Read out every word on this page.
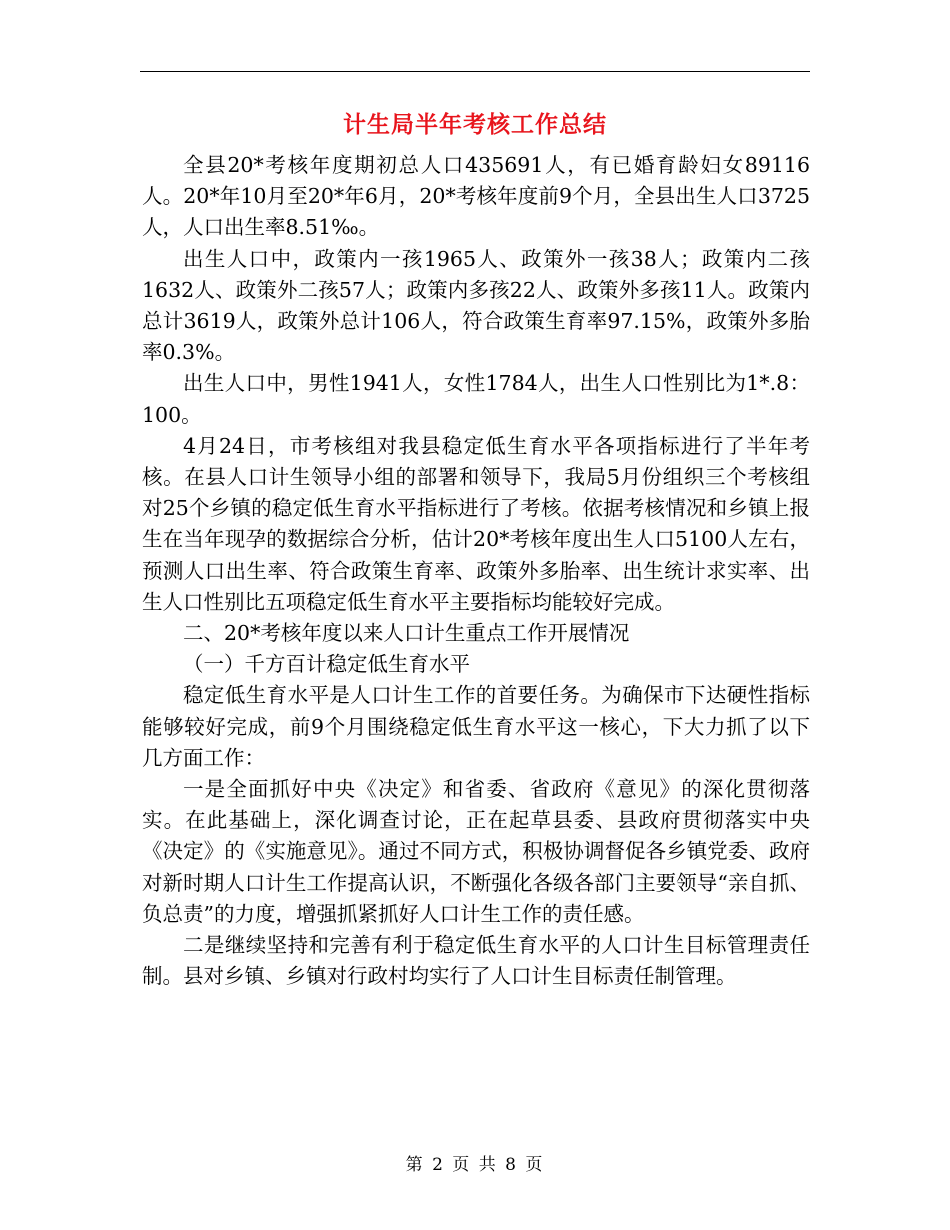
计生局半年考核工作总结

全县20*考核年度期初总人口435691人，有已婚育龄妇女89116人。20*年10月至20*年6月，20*考核年度前9个月，全县出生人口3725人，人口出生率8.51‰。

出生人口中，政策内一孩1965人、政策外一孩38人；政策内二孩1632人、政策外二孩57人；政策内多孩22人、政策外多孩11人。政策内总计3619人，政策外总计106人，符合政策生育率97.15%，政策外多胎率0.3%。

出生人口中，男性1941人，女性1784人，出生人口性别比为1*.8：100。

4月24日，市考核组对我县稳定低生育水平各项指标进行了半年考核。在县人口计生领导小组的部署和领导下，我局5月份组织三个考核组对25个乡镇的稳定低生育水平指标进行了考核。依据考核情况和乡镇上报生在当年现孕的数据综合分析，估计20*考核年度出生人口5100人左右，预测人口出生率、符合政策生育率、政策外多胎率、出生统计求实率、出生人口性别比五项稳定低生育水平主要指标均能较好完成。

二、20*考核年度以来人口计生重点工作开展情况

（一）千方百计稳定低生育水平

稳定低生育水平是人口计生工作的首要任务。为确保市下达硬性指标能够较好完成，前9个月围绕稳定低生育水平这一核心，下大力抓了以下几方面工作：

一是全面抓好中央《决定》和省委、省政府《意见》的深化贯彻落实。在此基础上，深化调查讨论，正在起草县委、县政府贯彻落实中央《决定》的《实施意见》。通过不同方式，积极协调督促各乡镇党委、政府对新时期人口计生工作提高认识，不断强化各级各部门主要领导“亲自抓、负总责”的力度，增强抓紧抓好人口计生工作的责任感。

二是继续坚持和完善有利于稳定低生育水平的人口计生目标管理责任制。县对乡镇、乡镇对行政村均实行了人口计生目标责任制管理。

第 2 页 共 8 页
